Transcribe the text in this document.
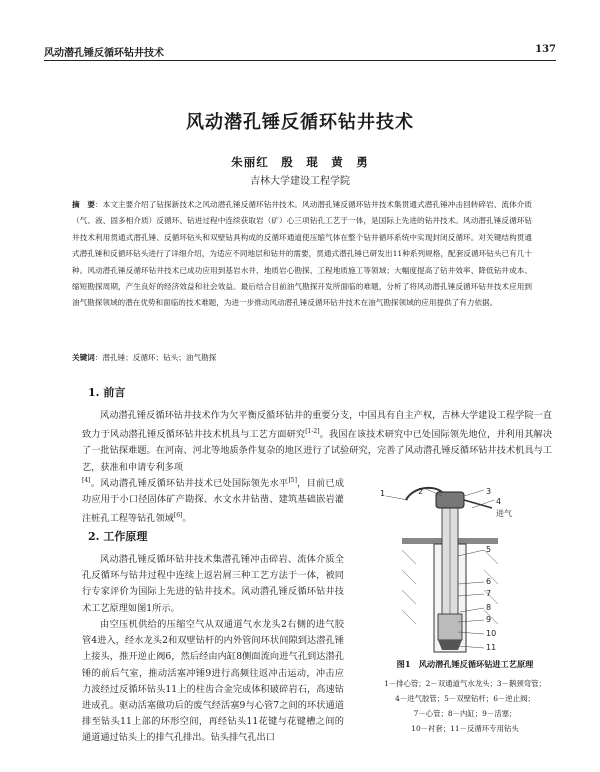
风动潜孔锤反循环钻井技术	137
风动潜孔锤反循环钻井技术
朱丽红　殷　琨　黄　勇
吉林大学建设工程学院
摘　要：本文主要介绍了钻探新技术之风动潜孔锤反循环钻井技术。风动潜孔锤反循环钻井技术集贯通式潜孔锤冲击回转碎岩、流体介质（气、液、固多相介质）反循环、钻进过程中连续获取岩（矿）心三项钻孔工艺于一体，是国际上先进的钻井技术。风动潜孔锤反循环钻井技术利用贯通式潜孔锤、反循环钻头和双壁钻具构成的反循环通道使压缩气体在整个钻井循环系统中实现封闭反循环。对关键结构贯通式潜孔锤和反循环钻头进行了详细介绍，为适应不同地层和钻井的需要，贯通式潜孔锤已研发出11种系列规格，配套反循环钻头已有几十种。风动潜孔锤反循环钻井技术已成功应用到基岩水井、地质岩心勘探、工程地质施工等领域；大幅度提高了钻井效率、降低钻井成本、缩短勘探周期，产生良好的经济效益和社会效益。最后结合目前油气勘探开发所面临的难题，分析了将风动潜孔锤反循环钻井技术应用到油气勘探领域的潜在优势和面临的技术难题，为进一步推动风动潜孔锤反循环钻井技术在油气勘探领域的应用提供了有力依据。
关键词：潜孔锤；反循环；钻头；油气勘探
1. 前言
风动潜孔锤反循环钻井技术作为欠平衡反循环钻井的重要分支，中国具有自主产权，吉林大学建设工程学院一直致力于风动潜孔锤反循环钻井技术机具与工艺方面研究[1-2]。我国在该技术研究中已处国际领先地位，并利用其解决了一批钻探难题。在河南、河北等地质条件复杂的地区进行了试验研究，完善了风动潜孔锤反循环钻井技术机具与工艺，获准和申请专利多项
[4]。风动潜孔锤反循环钻井技术已处国际领先水平[5]，目前已成功应用于小口径固体矿产勘探、水文水井钻凿、建筑基础嵌岩灌注桩孔工程等钻孔领域[6]。
2. 工作原理
风动潜孔锤反循环钻井技术集潜孔锤冲击碎岩、流体介质全孔反循环与钻井过程中连续上返岩屑三种工艺方法于一体，被同行专家评价为国际上先进的钻井技术。风动潜孔锤反循环钻井技术工艺原理如图1所示。
由空压机供给的压缩空气从双通道气水龙头2右侧的进气胶管4进入，经水龙头2和双壁钻杆的内外管间环状间隙到达潜孔锤上接头，推开逆止阀6，然后经由内缸8侧面流向进气孔到达潜孔锤的前后气室，推动活塞冲锤9进行高频往返冲击运动，冲击应力波经过反循环钻头11上的柱齿合金完成体积破碎岩石，高速钻进成孔。驱动活塞做功后的废气经活塞9与心管7之间的环状通道排至钻头11上部的环形空间，再经钻头11花键与花键槽之间的通道通过钻头上的排气孔排出。钻头排气孔出口
1	2	3
4
5
6
7
8
9
10
11
进气
图1　风动潜孔锤反循环钻进工艺原理
1－排心管；2－双通道气水龙头；3－鹅颈弯管；
4－进气胶管；5－双壁钻杆；6－逆止阀；
7－心管；8－内缸；9－活塞；
10－衬套；11－反循环专用钻头
